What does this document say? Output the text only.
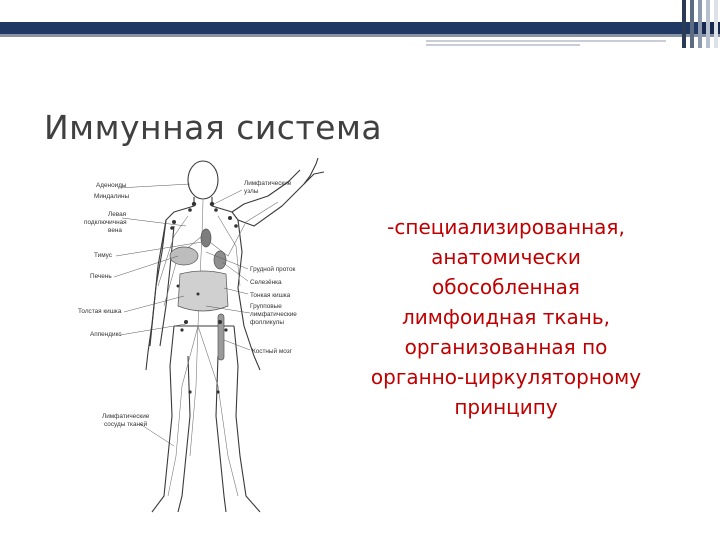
Иммунная система
Аденоиды
Миндалины
Левая
подключичная
вена
Тимус
Печень
Толстая кишка
Аппендикс
Лимфатические
сосуды тканей
Лимфатические
узлы
Грудной проток
Селезёнка
Тонкая кишка
Групповые
лимфатические
фолликулы
Костный мозг
-специализированная,
анатомически
обособленная
лимфоидная ткань,
организованная по
органно-циркуляторному
принципу
